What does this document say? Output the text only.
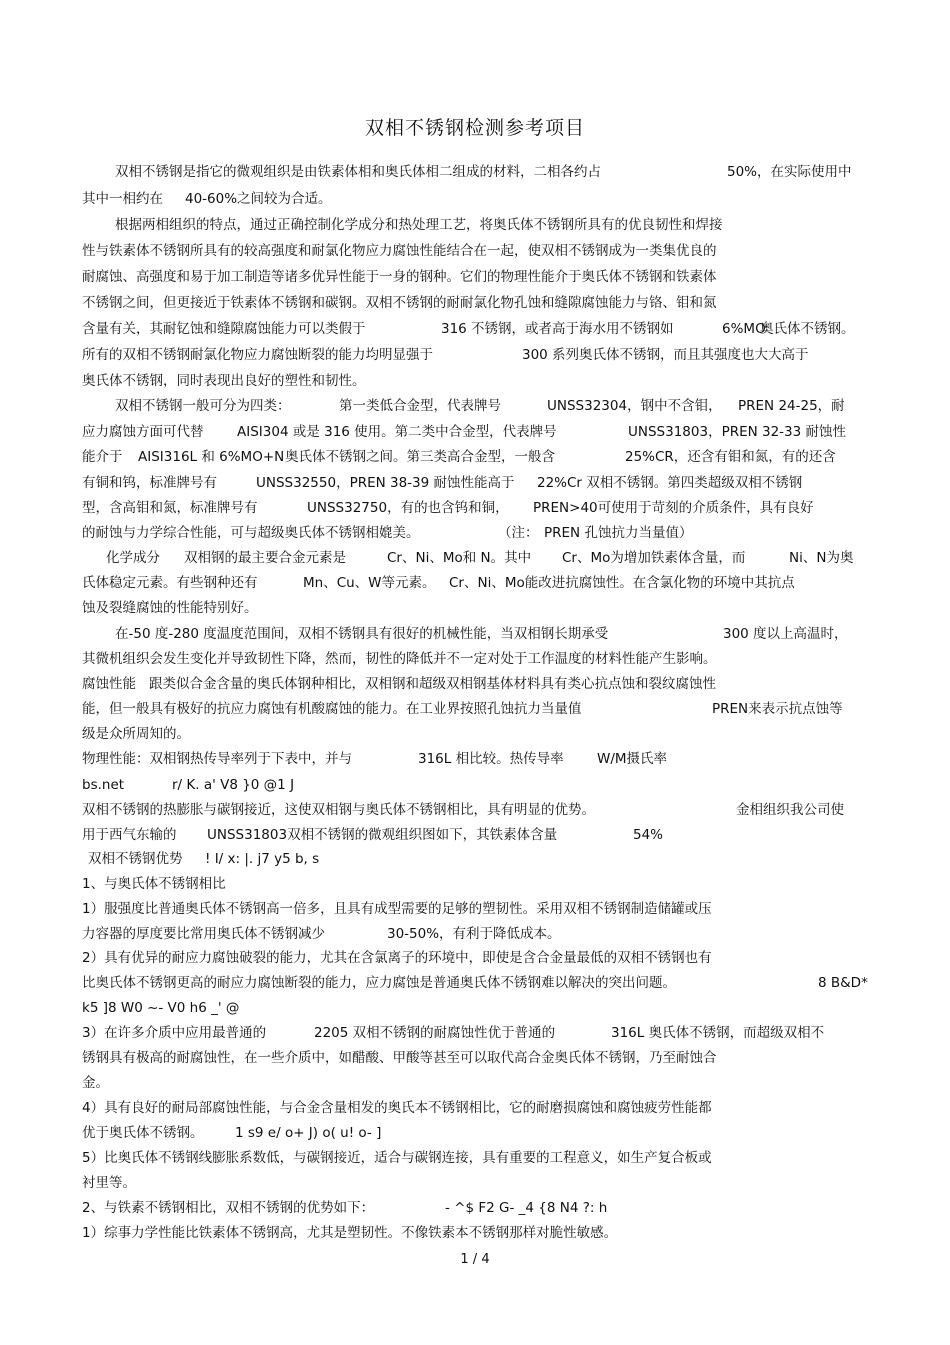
双相不锈钢检测参考项目
双相不锈钢是指它的微观组织是由铁素体相和奥氏体相二组成的材料，二相各约占	50%，在实际使用中
其中一相约在 40-60%之间较为合适。
根据两相组织的特点，通过正确控制化学成分和热处理工艺，将奥氏体不锈钢所具有的优良韧性和焊接
性与铁素体不锈钢所具有的较高强度和耐氯化物应力腐蚀性能结合在一起，使双相不锈钢成为一类集优良的
耐腐蚀、高强度和易于加工制造等诸多优异性能于一身的钢种。它们的物理性能介于奥氏体不锈钢和铁素体
不锈钢之间，但更接近于铁素体不锈钢和碳钢。双相不锈钢的耐耐氯化物孔蚀和缝隙腐蚀能力与铬、钼和氮
含量有关，其耐钇蚀和缝隙腐蚀能力可以类假于	316 不锈钢，或者高于海水用不锈钢如	6%MO
奥氏体不锈钢。
所有的双相不锈钢耐氯化物应力腐蚀断裂的能力均明显强于	300 系列奥氏体不锈钢，而且其强度也大大高于
奥氏体不锈钢，同时表现出良好的塑性和韧性。
双相不锈钢一般可分为四类：	第一类低合金型，代表牌号	UNSS32304，钢中不含钼， PREN 24-25，耐
应力腐蚀方面可代替 AISI304 或是 316 使用。第二类中合金型，代表牌号	UNSS31803，PREN 32-33 耐蚀性
能介于 AISI316L 和 6%MO+N 奥氏体不锈钢之间。第三类高合金型，一般含	25%CR，还含有钼和氮，有的还含
有铜和钨，标准牌号有	UNSS32550，PREN 38-39 耐蚀性能高于 22%Cr 双相不锈钢。第四类超级双相不锈钢
型，含高钼和氮，标准牌号有	UNSS32750，有的也含钨和铜， PREN>40可使用于苛刻的介质条件，具有良好
的耐蚀与力学综合性能，可与超级奥氏体不锈钢相媲美。	（注： PREN 孔蚀抗力当量值）
化学成分 双相钢的最主要合金元素是	Cr、Ni、Mo和 N。其中 Cr、Mo为增加铁素体含量，而	Ni、N为奥
氏体稳定元素。有些钢种还有	Mn、Cu、W等元素。 Cr、Ni、Mo能改进抗腐蚀性。在含氯化物的环境中其抗点
蚀及裂缝腐蚀的性能特别好。
在-50 度-280 度温度范围间，双相不锈钢具有很好的机械性能，当双相钢长期承受	300 度以上高温时，
其微机组织会发生变化并导致韧性下降，然而，韧性的降低并不一定对处于工作温度的材料性能产生影响。
腐蚀性能 跟类似合金含量的奥氏体钢种相比，双相钢和超级双相钢基体材料具有类心抗点蚀和裂纹腐蚀性
能，但一般具有极好的抗应力腐蚀有机酸腐蚀的能力。在工业界按照孔蚀抗力当量值	PREN来表示抗点蚀等
级是众所周知的。
物理性能：双相钢热传导率列于下表中，并与	316L 相比较。热传导率 W/M摄氏率
bs.net	r/ K. a' V8 }0 @1 J
双相不锈钢的热膨胀与碳钢接近，这使双相钢与奥氏体不锈钢相比，具有明显的优势。	金相组织我公司使
用于西气东输的 UNSS31803双相不锈钢的微观组织图如下，其铁素体含量	54%
双相不锈钢优势 ! I/ x: |. j7 y5 b, s
1、与奥氏体不锈钢相比
1）服强度比普通奥氏体不锈钢高一倍多，且具有成型需要的足够的塑韧性。采用双相不锈钢制造储罐或压
力容器的厚度要比常用奥氏体不锈钢减少	30-50%，有利于降低成本。
2）具有优异的耐应力腐蚀破裂的能力，尤其在含氯离子的环境中，即使是含合金量最低的双相不锈钢也有
比奥氏体不锈钢更高的耐应力腐蚀断裂的能力，应力腐蚀是普通奥氏体不锈钢难以解决的突出问题。	8 B&D*
k5 ]8 W0 ~- V0 h6 _' @
3）在许多介质中应用最普通的	2205 双相不锈钢的耐腐蚀性优于普通的	316L 奥氏体不锈钢，而超级双相不
锈钢具有极高的耐腐蚀性，在一些介质中，如醋酸、甲酸等甚至可以取代高合金奥氏体不锈钢，乃至耐蚀合
金。
4）具有良好的耐局部腐蚀性能，与合金含量相发的奥氏本不锈钢相比，它的耐磨损腐蚀和腐蚀疲劳性能都
优于奥氏体不锈钢。 1 s9 e/ o+ J) o( u! o- ]
5）比奥氏体不锈钢线膨胀系数低，与碳钢接近，适合与碳钢连接，具有重要的工程意义，如生产复合板或
衬里等。
2、与铁素不锈钢相比，双相不锈钢的优势如下：	- ^$ F2 G- _4 {8 N4 ?: h
1）综事力学性能比铁素体不锈钢高，尤其是塑韧性。不像铁素本不锈钢那样对脆性敏感。
1 / 4
